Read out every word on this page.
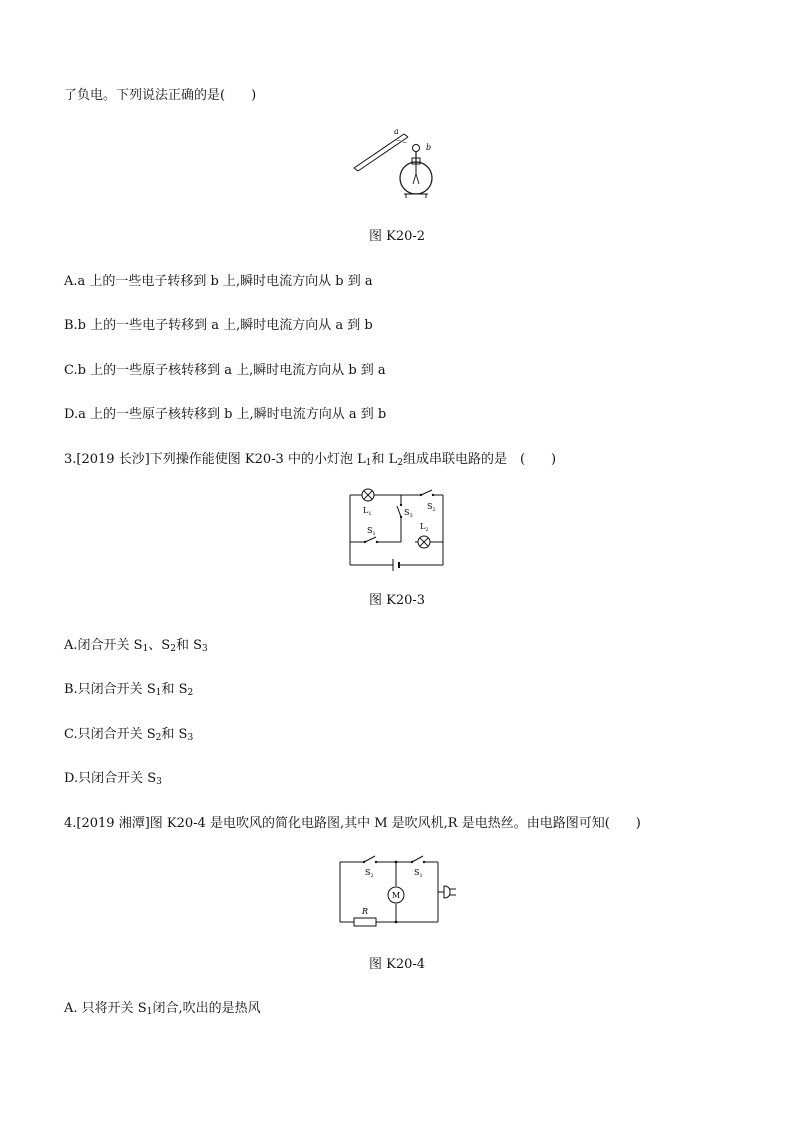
了负电。下列说法正确的是(　　)
− −
a
b
图 K20-2
A.a 上的一些电子转移到 b 上,瞬时电流方向从 b 到 a
B.b 上的一些电子转移到 a 上,瞬时电流方向从 a 到 b
C.b 上的一些原子核转移到 a 上,瞬时电流方向从 b 到 a
D.a 上的一些原子核转移到 b 上,瞬时电流方向从 a 到 b
3.[2019 长沙]下列操作能使图 K20-3 中的小灯泡 $L_1$和 $L_2$组成串联电路的是　(　　)
$L_1$
$S_2$
$S_3$
$S_1$
$L_2$
图 K20-3
A.闭合开关 $S_1$、$S_2$和 $S_3$
B.只闭合开关 $S_1$和 $S_2$
C.只闭合开关 $S_2$和 $S_3$
D.只闭合开关 $S_3$
4.[2019 湘潭]图 K20-4 是电吹风的简化电路图,其中 M 是吹风机,R 是电热丝。由电路图可知(　　)
$S_2$	$S_1$
M
R
图 K20-4
A. 只将开关 $S_1$闭合,吹出的是热风
